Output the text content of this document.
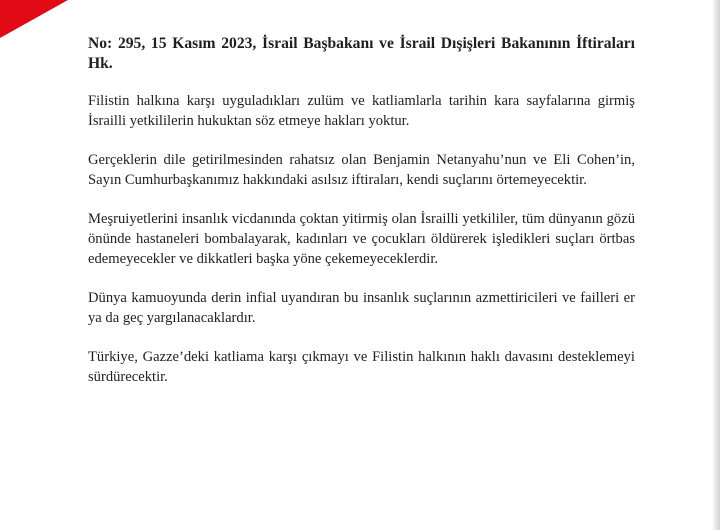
No: 295, 15 Kasım 2023, İsrail Başbakanı ve İsrail Dışişleri Bakanının İftiraları Hk.

Filistin halkına karşı uyguladıkları zulüm ve katliamlarla tarihin kara sayfalarına girmiş İsrailli yetkililerin hukuktan söz etmeye hakları yoktur.

Gerçeklerin dile getirilmesinden rahatsız olan Benjamin Netanyahu’nun ve Eli Cohen’in, Sayın Cumhurbaşkanımız hakkındaki asılsız iftiraları, kendi suçlarını örtemeyecektir.

Meşruiyetlerini insanlık vicdanında çoktan yitirmiş olan İsrailli yetkililer, tüm dünyanın gözü önünde hastaneleri bombalayarak, kadınları ve çocukları öldürerek işledikleri suçları örtbas edemeyecekler ve dikkatleri başka yöne çekemeyeceklerdir.

Dünya kamuoyunda derin infial uyandıran bu insanlık suçlarının azmettiricileri ve failleri er ya da geç yargılanacaklardır.

Türkiye, Gazze’deki katliama karşı çıkmayı ve Filistin halkının haklı davasını desteklemeyi sürdürecektir.
